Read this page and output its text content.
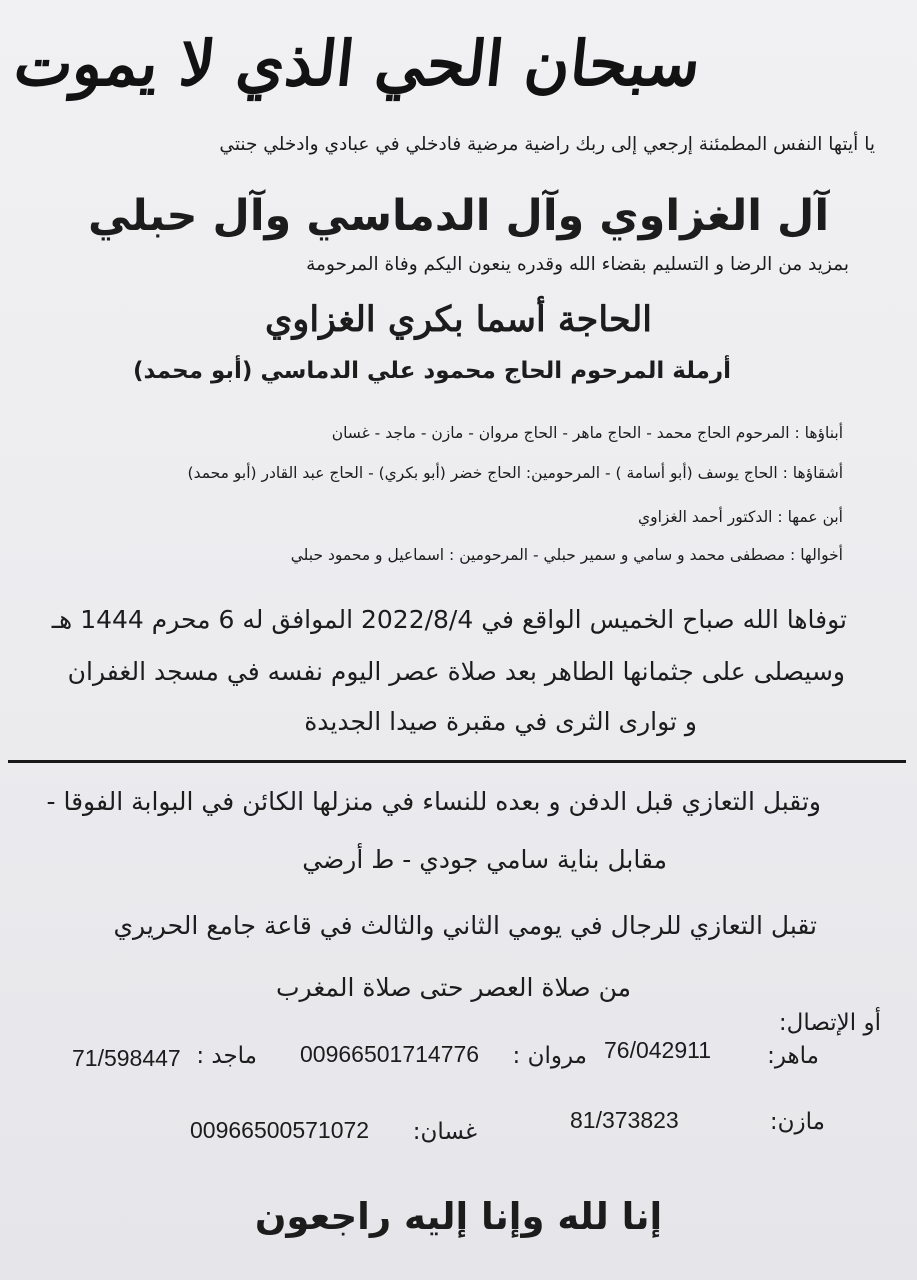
سبحان الحي الذي لا يموت
يا أيتها النفس المطمئنة إرجعي إلى ربك راضية مرضية فادخلي في عبادي وادخلي جنتي
آل الغزاوي وآل الدماسي وآل حبلي
بمزيد من الرضا و التسليم بقضاء الله وقدره ينعون اليكم وفاة المرحومة
الحاجة أسما بكري الغزاوي
أرملة المرحوم الحاج محمود علي الدماسي (أبو محمد)
أبناؤها : المرحوم الحاج محمد - الحاج ماهر - الحاج مروان - مازن - ماجد - غسان
أشقاؤها : الحاج يوسف (أبو أسامة ) - المرحومين: الحاج خضر (أبو بكري) - الحاج عبد القادر (أبو محمد)
أبن عمها : الدكتور أحمد الغزاوي
أخوالها : مصطفى محمد و سامي و سمير حبلي - المرحومين : اسماعيل و محمود حبلي
توفاها الله صباح الخميس الواقع في 2022/8/4 الموافق له 6 محرم 1444 هـ
وسيصلى على جثمانها الطاهر بعد صلاة عصر اليوم نفسه في مسجد الغفران
و توارى الثرى في مقبرة صيدا الجديدة
وتقبل التعازي قبل الدفن و بعده للنساء في منزلها الكائن في البوابة الفوقا -
مقابل بناية سامي جودي - ط أرضي
تقبل التعازي للرجال في يومي الثاني والثالث في قاعة جامع الحريري
من صلاة العصر حتى صلاة المغرب
أو الإتصال:
ماهر:
76/042911
مروان :
00966501714776
ماجد :
71/598447
مازن:
81/373823
غسان:
00966500571072
إنا لله وإنا إليه راجعون
